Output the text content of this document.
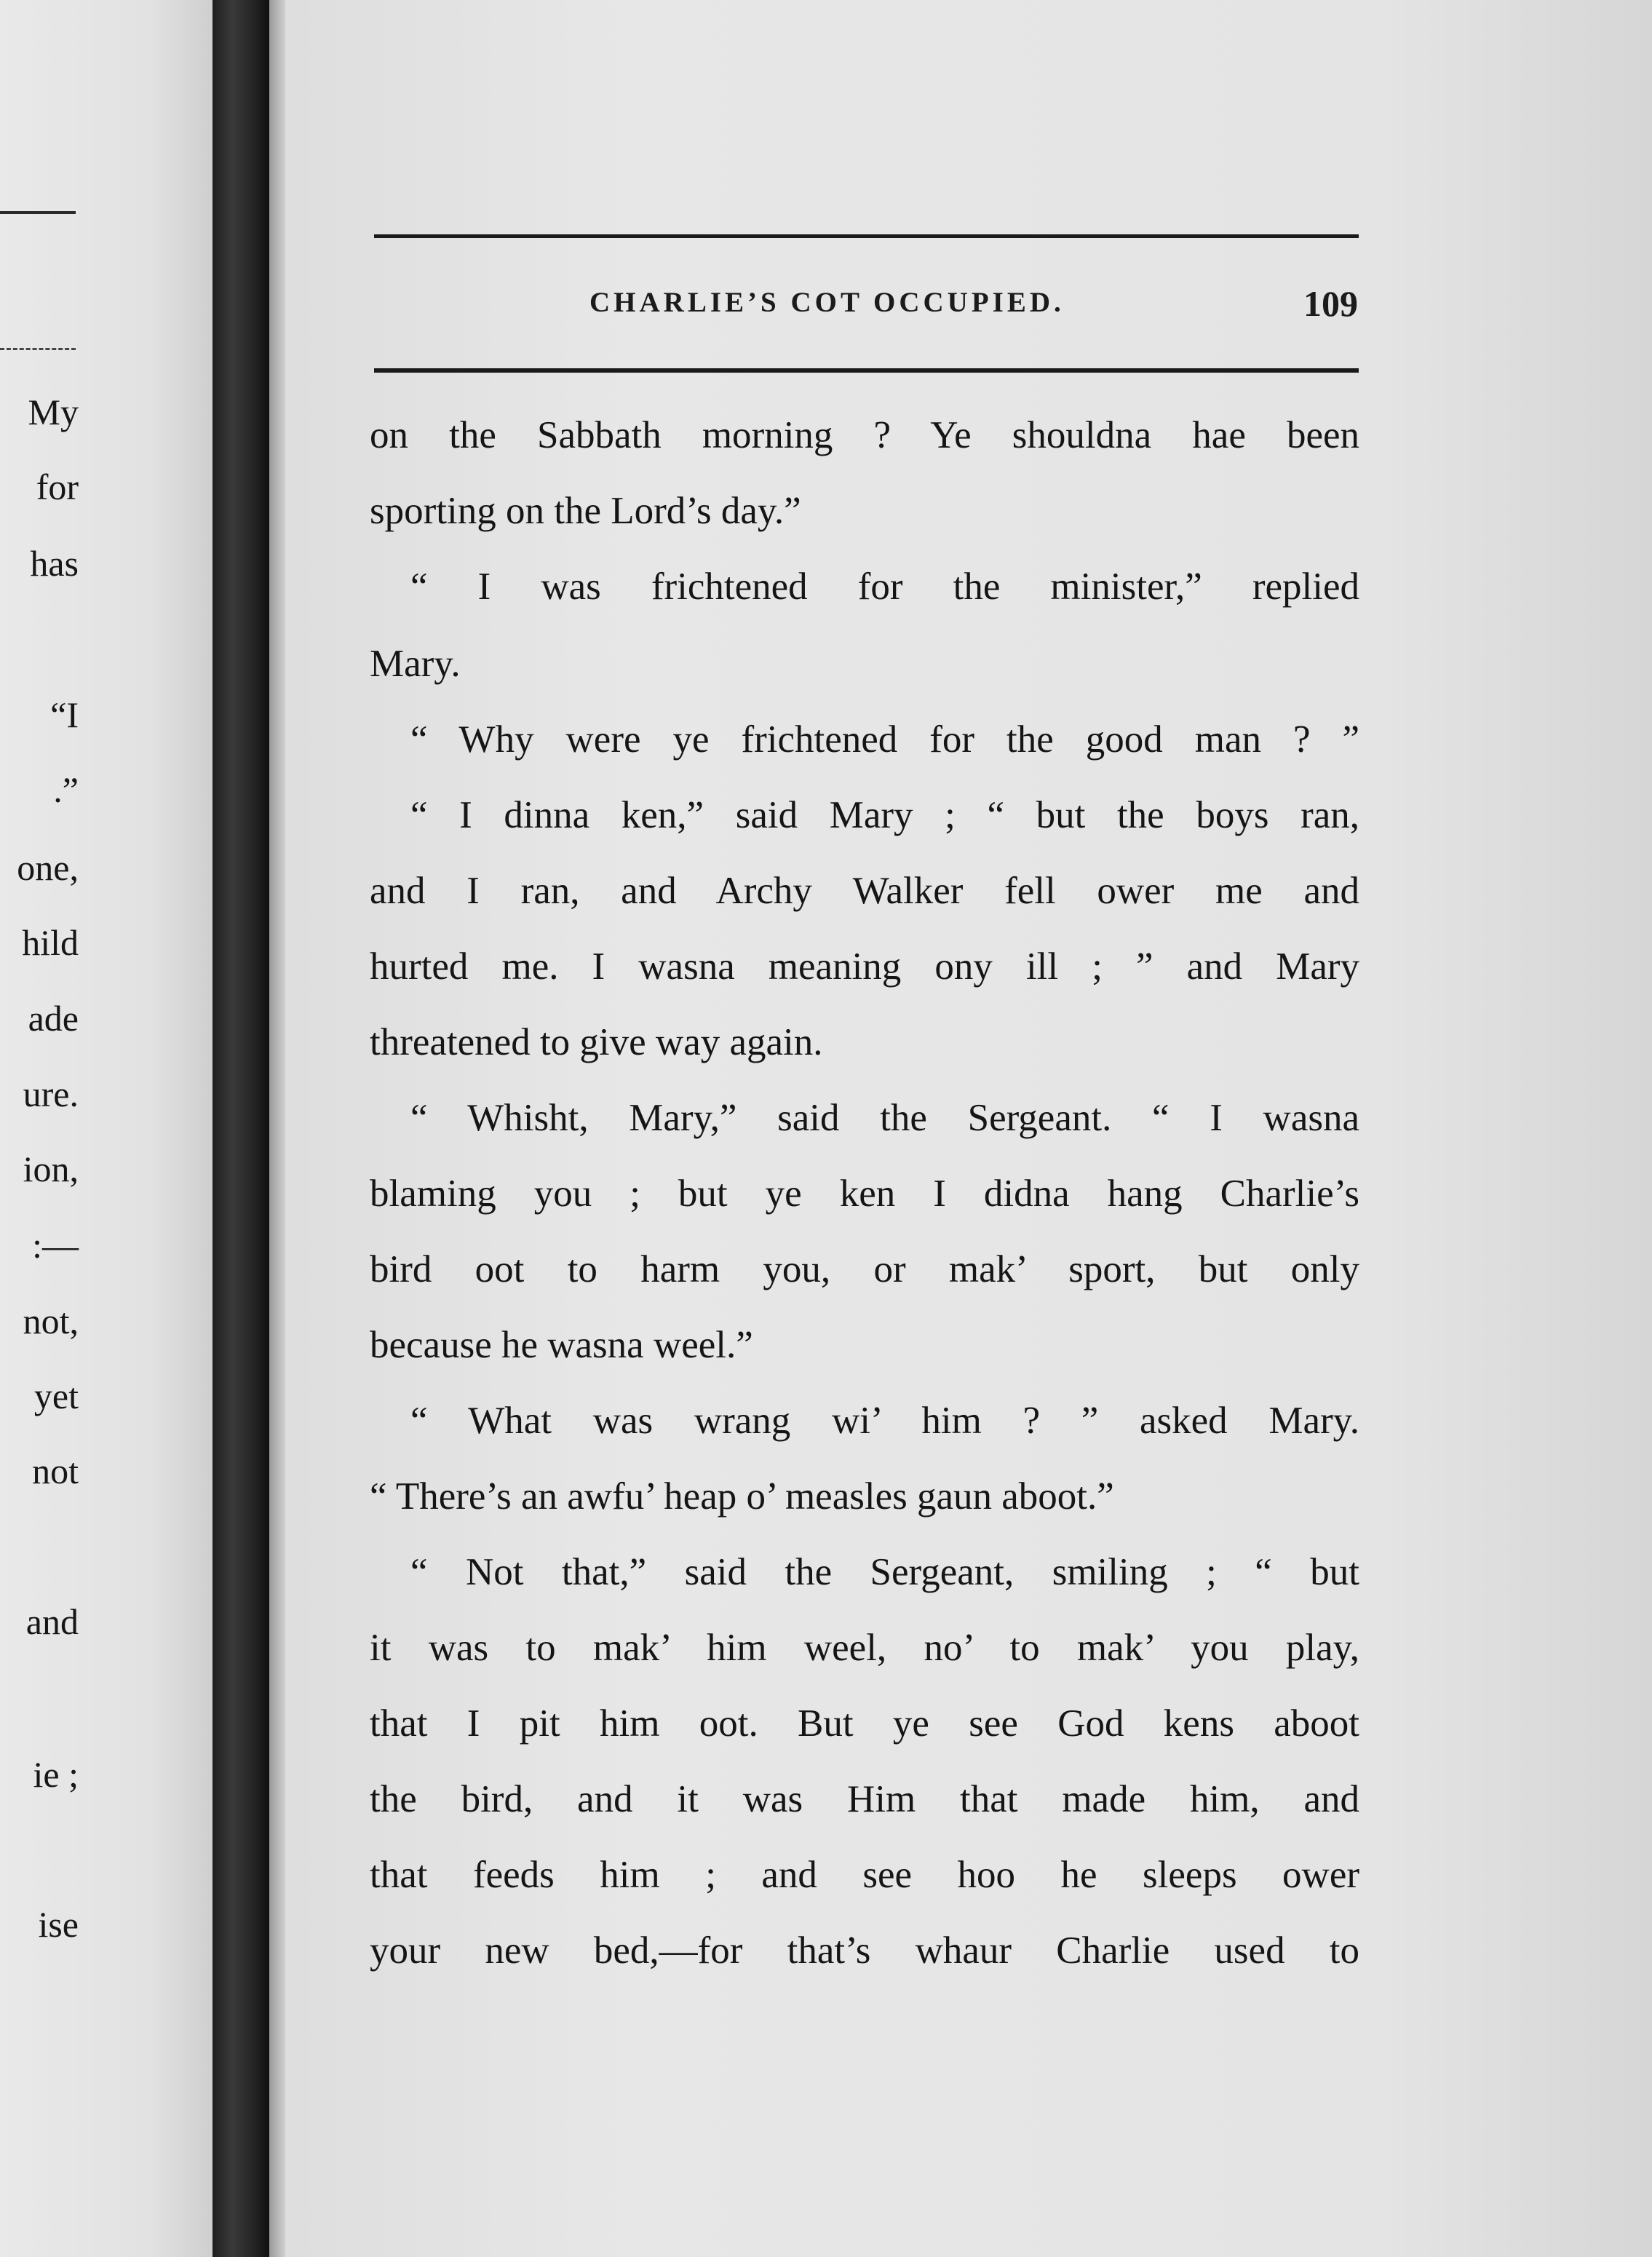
My
for
has
“I
.”
one,
hild
ade
ure.
ion,
:—
not,
yet
not
and
ie ;
ise
CHARLIE’S COT OCCUPIED.	109
on the Sabbath morning ? Ye shouldna hae been
sporting on the Lord’s day.”
“ I was frichtened for the minister,” replied
Mary.
“ Why were ye frichtened for the good man ? ”
“ I dinna ken,” said Mary ; “ but the boys ran,
and I ran, and Archy Walker fell ower me and
hurted me. I wasna meaning ony ill ; ” and Mary
threatened to give way again.
“ Whisht, Mary,” said the Sergeant. “ I wasna
blaming you ; but ye ken I didna hang Charlie’s
bird oot to harm you, or mak’ sport, but only
because he wasna weel.”
“ What was wrang wi’ him ? ” asked Mary.
“ There’s an awfu’ heap o’ measles gaun aboot.”
“ Not that,” said the Sergeant, smiling ; “ but
it was to mak’ him weel, no’ to mak’ you play,
that I pit him oot. But ye see God kens aboot
the bird, and it was Him that made him, and
that feeds him ; and see hoo he sleeps ower
your new bed,—for that’s whaur Charlie used to
